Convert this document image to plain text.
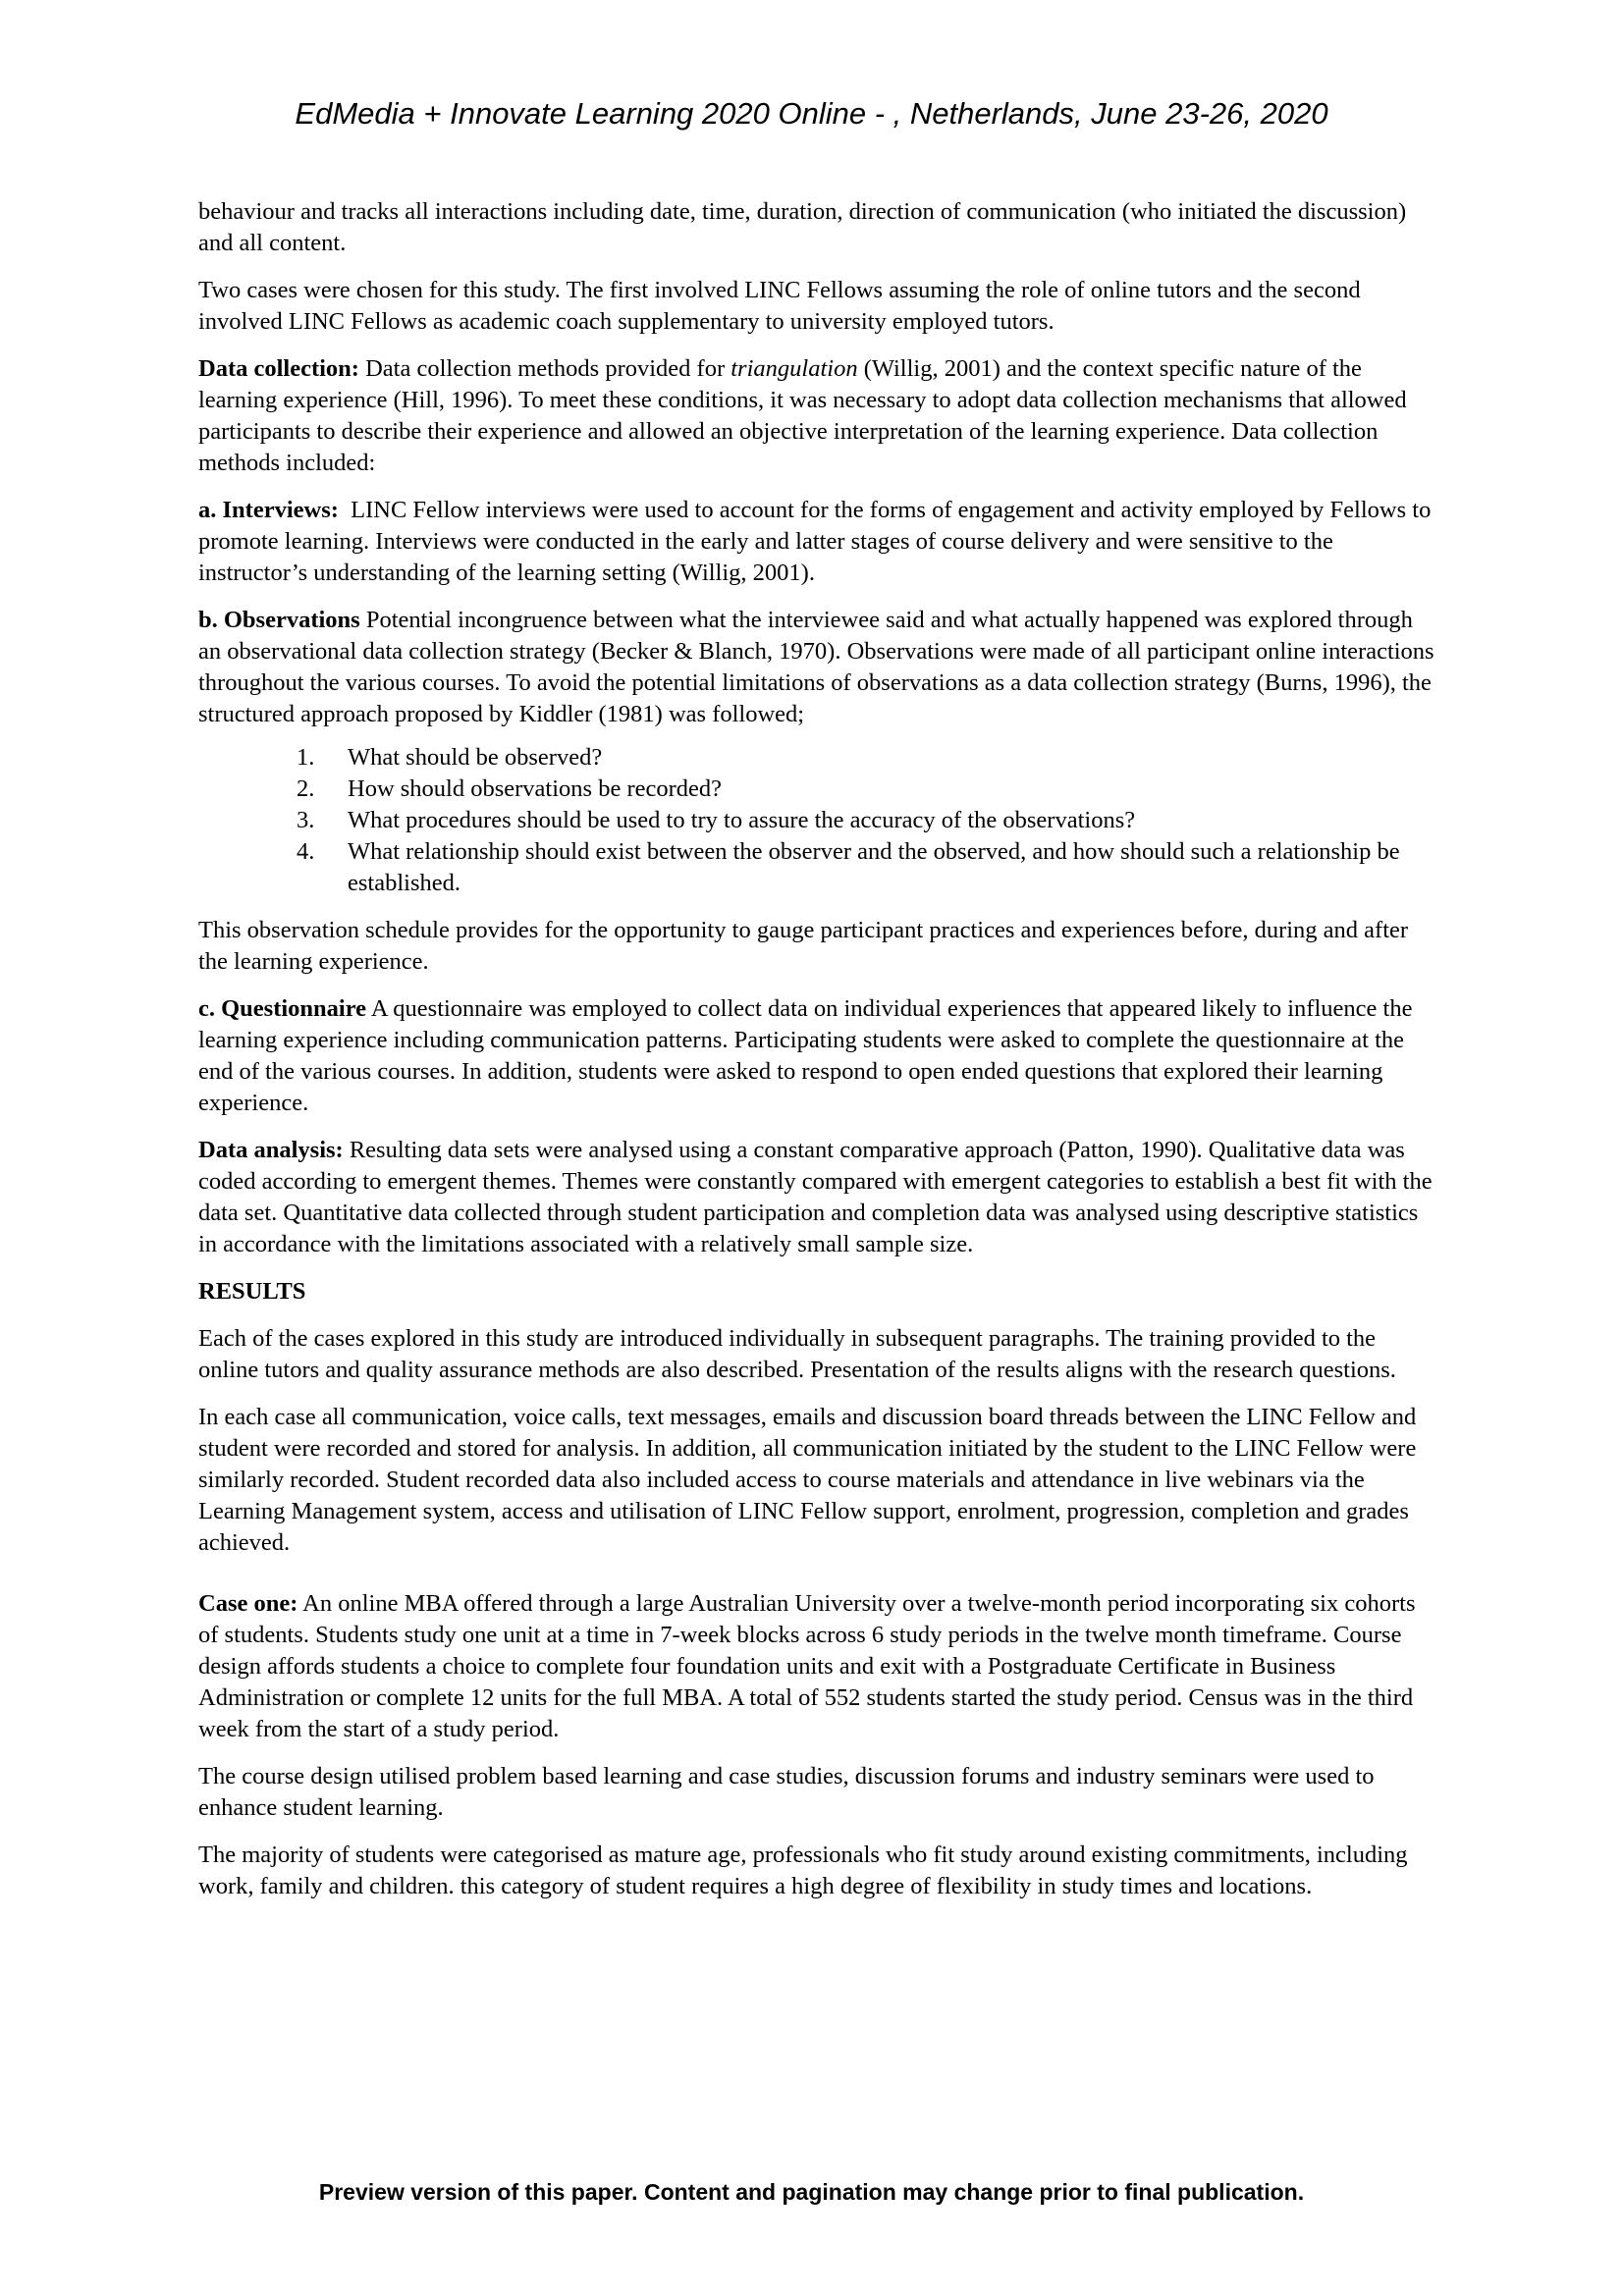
EdMedia + Innovate Learning 2020 Online - , Netherlands, June 23-26, 2020

behaviour and tracks all interactions including date, time, duration, direction of communication (who initiated the discussion) and all content.

Two cases were chosen for this study. The first involved LINC Fellows assuming the role of online tutors and the second involved LINC Fellows as academic coach supplementary to university employed tutors.

Data collection: Data collection methods provided for triangulation (Willig, 2001) and the context specific nature of the learning experience (Hill, 1996). To meet these conditions, it was necessary to adopt data collection mechanisms that allowed participants to describe their experience and allowed an objective interpretation of the learning experience. Data collection methods included:

a. Interviews:  LINC Fellow interviews were used to account for the forms of engagement and activity employed by Fellows to promote learning. Interviews were conducted in the early and latter stages of course delivery and were sensitive to the instructor’s understanding of the learning setting (Willig, 2001).

b. Observations Potential incongruence between what the interviewee said and what actually happened was explored through an observational data collection strategy (Becker & Blanch, 1970). Observations were made of all participant online interactions throughout the various courses. To avoid the potential limitations of observations as a data collection strategy (Burns, 1996), the structured approach proposed by Kiddler (1981) was followed;

1. What should be observed?
2. How should observations be recorded?
3. What procedures should be used to try to assure the accuracy of the observations?
4. What relationship should exist between the observer and the observed, and how should such a relationship be established.

This observation schedule provides for the opportunity to gauge participant practices and experiences before, during and after the learning experience.

c. Questionnaire A questionnaire was employed to collect data on individual experiences that appeared likely to influence the learning experience including communication patterns. Participating students were asked to complete the questionnaire at the end of the various courses. In addition, students were asked to respond to open ended questions that explored their learning experience.

Data analysis: Resulting data sets were analysed using a constant comparative approach (Patton, 1990). Qualitative data was coded according to emergent themes. Themes were constantly compared with emergent categories to establish a best fit with the data set. Quantitative data collected through student participation and completion data was analysed using descriptive statistics in accordance with the limitations associated with a relatively small sample size.

RESULTS

Each of the cases explored in this study are introduced individually in subsequent paragraphs. The training provided to the online tutors and quality assurance methods are also described. Presentation of the results aligns with the research questions.

In each case all communication, voice calls, text messages, emails and discussion board threads between the LINC Fellow and student were recorded and stored for analysis. In addition, all communication initiated by the student to the LINC Fellow were similarly recorded. Student recorded data also included access to course materials and attendance in live webinars via the Learning Management system, access and utilisation of LINC Fellow support, enrolment, progression, completion and grades achieved.

Case one: An online MBA offered through a large Australian University over a twelve-month period incorporating six cohorts of students. Students study one unit at a time in 7-week blocks across 6 study periods in the twelve month timeframe. Course design affords students a choice to complete four foundation units and exit with a Postgraduate Certificate in Business Administration or complete 12 units for the full MBA. A total of 552 students started the study period. Census was in the third week from the start of a study period.

The course design utilised problem based learning and case studies, discussion forums and industry seminars were used to enhance student learning.

The majority of students were categorised as mature age, professionals who fit study around existing commitments, including work, family and children. this category of student requires a high degree of flexibility in study times and locations.

Preview version of this paper. Content and pagination may change prior to final publication.
